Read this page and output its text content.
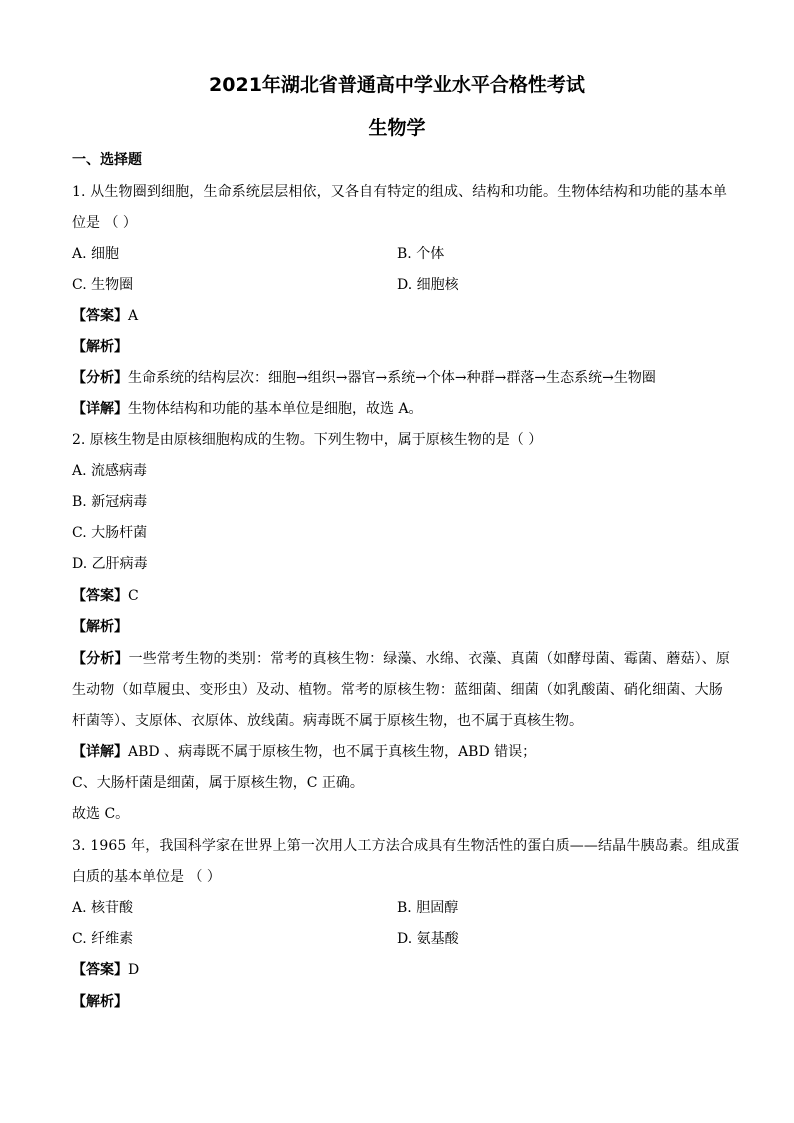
2021年湖北省普通高中学业水平合格性考试
生物学
一、选择题
1. 从生物圈到细胞，生命系统层层相依，又各自有特定的组成、结构和功能。生物体结构和功能的基本单
位是 （ ）
A. 细胞	B. 个体
C. 生物圈	D. 细胞核
【答案】A
【解析】
【分析】生命系统的结构层次：细胞→组织→器官→系统→个体→种群→群落→生态系统→生物圈
【详解】生物体结构和功能的基本单位是细胞，故选 A。
2. 原核生物是由原核细胞构成的生物。下列生物中，属于原核生物的是（ ）
A. 流感病毒
B. 新冠病毒
C. 大肠杆菌
D. 乙肝病毒
【答案】C
【解析】
【分析】一些常考生物的类别：常考的真核生物：绿藻、水绵、衣藻、真菌（如酵母菌、霉菌、蘑菇）、原
生动物（如草履虫、变形虫）及动、植物。常考的原核生物：蓝细菌、细菌（如乳酸菌、硝化细菌、大肠
杆菌等）、支原体、衣原体、放线菌。病毒既不属于原核生物，也不属于真核生物。
【详解】ABD 、病毒既不属于原核生物，也不属于真核生物，ABD 错误；
C、大肠杆菌是细菌，属于原核生物，C 正确。
故选 C。
3. 1965 年，我国科学家在世界上第一次用人工方法合成具有生物活性的蛋白质——结晶牛胰岛素。组成蛋
白质的基本单位是 （ ）
A. 核苷酸	B. 胆固醇
C. 纤维素	D. 氨基酸
【答案】D
【解析】
